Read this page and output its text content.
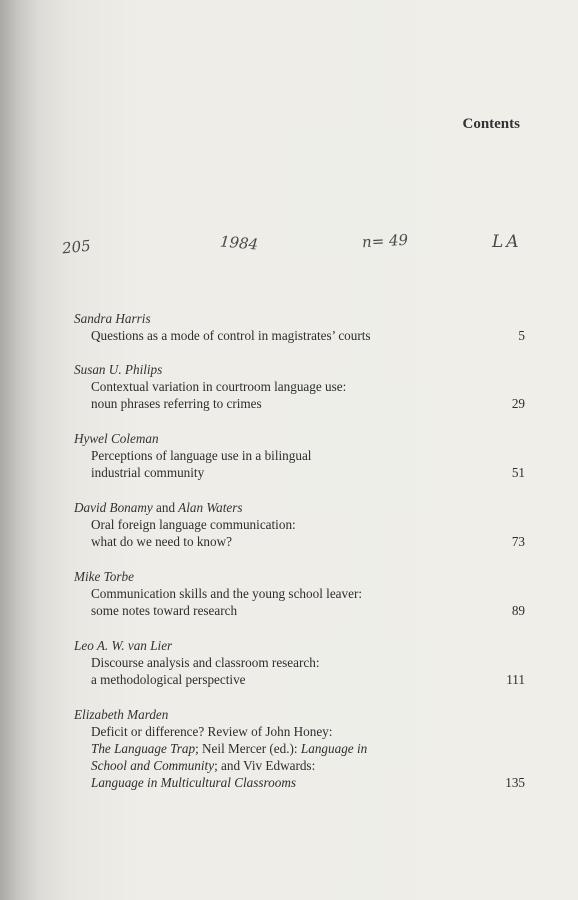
Contents
205	1984	n= 49	LA
Sandra Harris
Questions as a mode of control in magistrates’ courts	5
Susan U. Philips
Contextual variation in courtroom language use:
noun phrases referring to crimes	29
Hywel Coleman
Perceptions of language use in a bilingual
industrial community	51
David Bonamy and Alan Waters
Oral foreign language communication:
what do we need to know?	73
Mike Torbe
Communication skills and the young school leaver:
some notes toward research	89
Leo A. W. van Lier
Discourse analysis and classroom research:
a methodological perspective	111
Elizabeth Marden
Deficit or difference? Review of John Honey:
The Language Trap; Neil Mercer (ed.): Language in
School and Community; and Viv Edwards:
Language in Multicultural Classrooms	135
